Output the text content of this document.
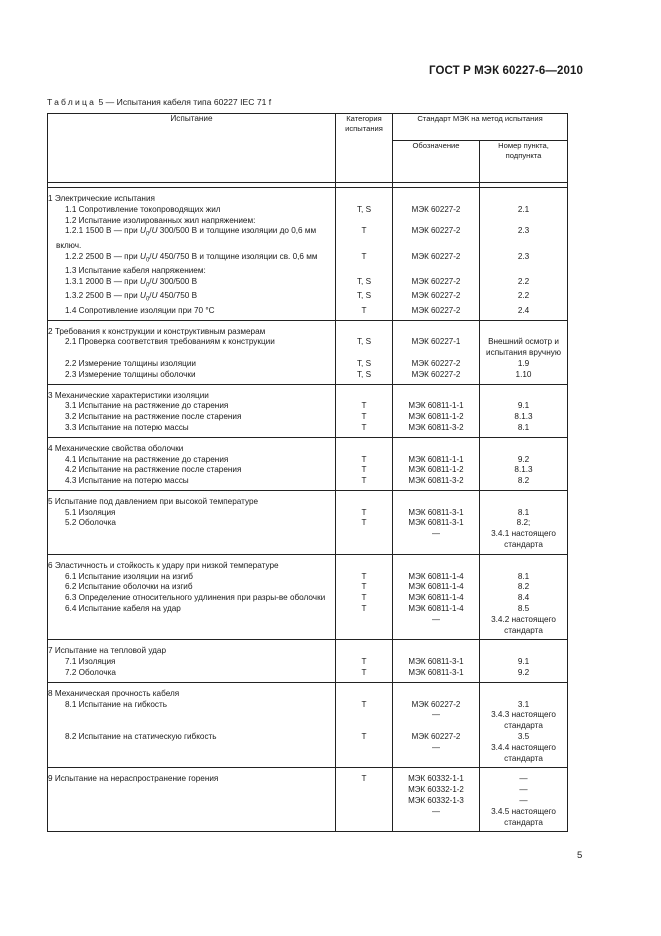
ГОСТ Р МЭК 60227-6—2010
Таблица 5 — Испытания кабеля типа 60227 IEC 71 f
Испытание	Категория испытания	Стандарт МЭК на метод испытания	
		Обозначение	Номер пункта, подпункта

1 Электрические испытания			
1.1 Сопротивление токопроводящих жил	T, S	МЭК 60227-2	2.1
1.2 Испытание изолированных жил напряжением:			
1.2.1 1500 В — при $U_0/U$ 300/500 В и толщине изоляции до 0,6 мм включ.	T	МЭК 60227-2	2.3
1.2.2 2500 В — при $U_0/U$ 450/750 В и толщине изоляции св. 0,6 мм	T	МЭК 60227-2	2.3
1.3 Испытание кабеля напряжением:			
1.3.1 2000 В — при $U_0/U$ 300/500 В	T, S	МЭК 60227-2	2.2
1.3.2 2500 В — при $U_0/U$ 450/750 В	T, S	МЭК 60227-2	2.2
1.4 Сопротивление изоляции при 70 °С	T	МЭК 60227-2	2.4
2 Требования к конструкции и конструктивным размерам			
2.1 Проверка соответствия требованиям к конструкции	T, S	МЭК 60227-1	Внешний осмотр и испытания вручную
2.2 Измерение толщины изоляции	T, S	МЭК 60227-2	1.9
2.3 Измерение толщины оболочки	T, S	МЭК 60227-2	1.10
3 Механические характеристики изоляции			
3.1 Испытание на растяжение до старения	T	МЭК 60811-1-1	9.1
3.2 Испытание на растяжение после старения	T	МЭК 60811-1-2	8.1.3
3.3 Испытание на потерю массы	T	МЭК 60811-3-2	8.1
4 Механические свойства оболочки			
4.1 Испытание на растяжение до старения	T	МЭК 60811-1-1	9.2
4.2 Испытание на растяжение после старения	T	МЭК 60811-1-2	8.1.3
4.3 Испытание на потерю массы	T	МЭК 60811-3-2	8.2
5 Испытание под давлением при высокой температуре			
5.1 Изоляция	T	МЭК 60811-3-1	8.1
5.2 Оболочка	T	МЭК 60811-3-1	8.2;
		—	3.4.1 настоящего стандарта
6 Эластичность и стойкость к удару при низкой температуре			
6.1 Испытание изоляции на изгиб	T	МЭК 60811-1-4	8.1
6.2 Испытание оболочки на изгиб	T	МЭК 60811-1-4	8.2
6.3 Определение относительного удлинения при разры-ве оболочки	T	МЭК 60811-1-4	8.4
6.4 Испытание кабеля на удар	T	МЭК 60811-1-4	8.5
		—	3.4.2 настоящего стандарта
7 Испытание на тепловой удар			
7.1 Изоляция	T	МЭК 60811-3-1	9.1
7.2 Оболочка	T	МЭК 60811-3-1	9.2
8 Механическая прочность кабеля			
8.1 Испытание на гибкость	T	МЭК 60227-2	3.1
		—	3.4.3 настоящего стандарта
8.2 Испытание на статическую гибкость	T	МЭК 60227-2	3.5
		—	3.4.4 настоящего стандарта
9 Испытание на нераспространение горения	T	МЭК 60332-1-1	—
		МЭК 60332-1-2	—
		МЭК 60332-1-3	—
		—	3.4.5 настоящего стандарта
5
